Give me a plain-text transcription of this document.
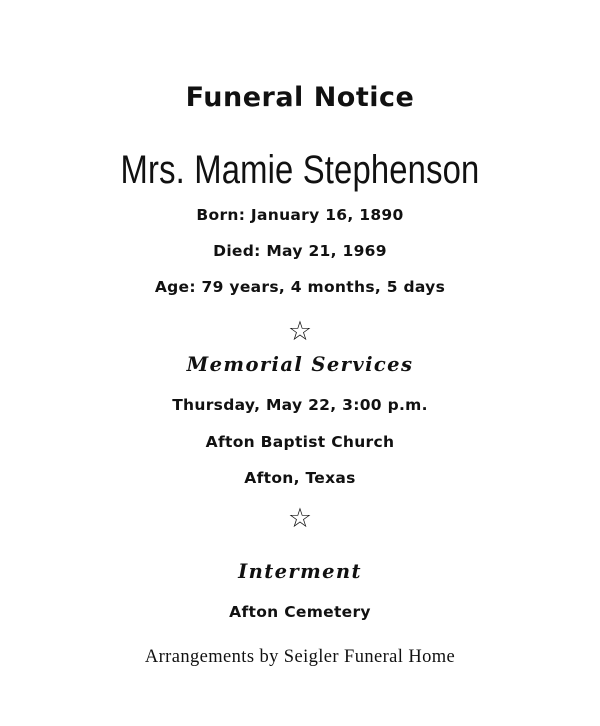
Funeral Notice
Mrs. Mamie Stephenson
Born: January 16, 1890
Died: May 21, 1969
Age: 79 years, 4 months, 5 days
☆
Memorial Services
Thursday, May 22, 3:00 p.m.
Afton Baptist Church
Afton, Texas
☆
Interment
Afton Cemetery
Arrangements by Seigler Funeral Home
